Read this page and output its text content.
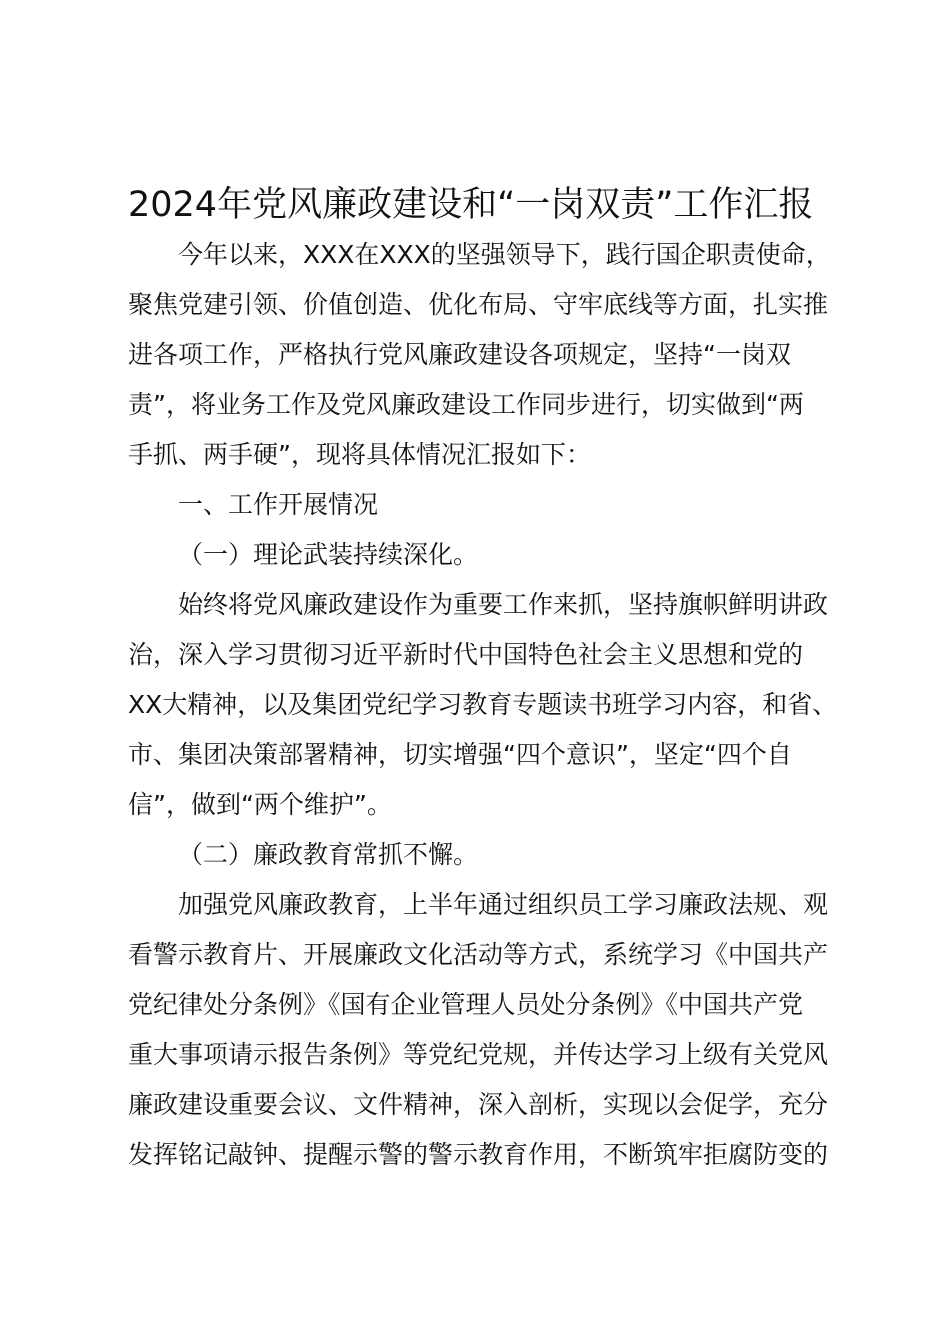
2024年党风廉政建设和“一岗双责”工作汇报
今年以来，XXX在XXX的坚强领导下，践行国企职责使命，
聚焦党建引领、价值创造、优化布局、守牢底线等方面，扎实推
进各项工作，严格执行党风廉政建设各项规定，坚持“一岗双
责”，将业务工作及党风廉政建设工作同步进行，切实做到“两
手抓、两手硬”，现将具体情况汇报如下：
一、工作开展情况
（一）理论武装持续深化。
始终将党风廉政建设作为重要工作来抓，坚持旗帜鲜明讲政
治，深入学习贯彻习近平新时代中国特色社会主义思想和党的
XX大精神，以及集团党纪学习教育专题读书班学习内容，和省、
市、集团决策部署精神，切实增强“四个意识”，坚定“四个自
信”，做到“两个维护”。
（二）廉政教育常抓不懈。
加强党风廉政教育，上半年通过组织员工学习廉政法规、观
看警示教育片、开展廉政文化活动等方式，系统学习《中国共产
党纪律处分条例》《国有企业管理人员处分条例》《中国共产党
重大事项请示报告条例》等党纪党规，并传达学习上级有关党风
廉政建设重要会议、文件精神，深入剖析，实现以会促学，充分
发挥铭记敲钟、提醒示警的警示教育作用，不断筑牢拒腐防变的
